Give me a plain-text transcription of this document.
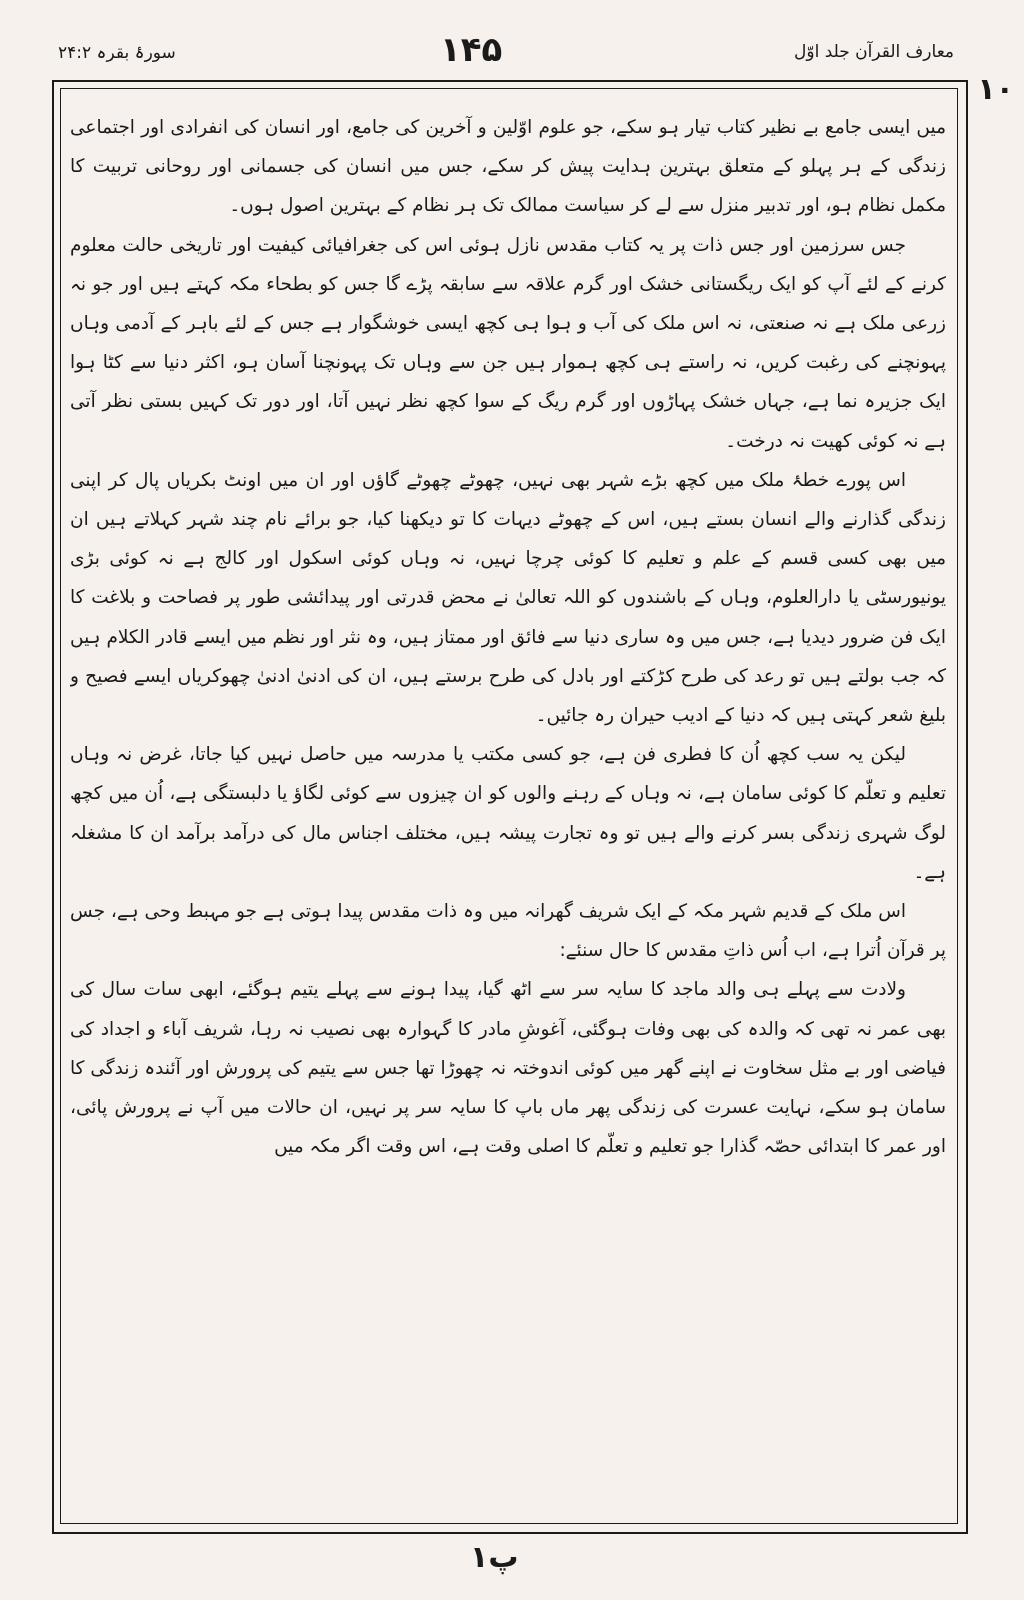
سورۂ بقرہ ۲۴:۲	۱۴۵	معارف القرآن جلد اوّل
۱۰

میں ایسی جامع بے نظیر کتاب تیار ہو سکے، جو علوم اوّلین و آخرین کی جامع، اور انسان کی انفرادی اور اجتماعی زندگی کے ہر پہلو کے متعلق بہترین ہدایت پیش کر سکے، جس میں انسان کی جسمانی اور روحانی تربیت کا مکمل نظام ہو، اور تدبیر منزل سے لے کر سیاست ممالک تک ہر نظام کے بہترین اصول ہوں۔

جس سرزمین اور جس ذات پر یہ کتاب مقدس نازل ہوئی اس کی جغرافیائی کیفیت اور تاریخی حالت معلوم کرنے کے لئے آپ کو ایک ریگستانی خشک اور گرم علاقہ سے سابقہ پڑے گا جس کو بطحاء مکہ کہتے ہیں اور جو نہ زرعی ملک ہے نہ صنعتی، نہ اس ملک کی آب و ہوا ہی کچھ ایسی خوشگوار ہے جس کے لئے باہر کے آدمی وہاں پہونچنے کی رغبت کریں، نہ راستے ہی کچھ ہموار ہیں جن سے وہاں تک پہونچنا آسان ہو، اکثر دنیا سے کٹا ہوا ایک جزیرہ نما ہے، جہاں خشک پہاڑوں اور گرم ریگ کے سوا کچھ نظر نہیں آتا، اور دور تک کہیں بستی نظر آتی ہے نہ کوئی کھیت نہ درخت۔

اس پورے خطۂ ملک میں کچھ بڑے شہر بھی نہیں، چھوٹے چھوٹے گاؤں اور ان میں اونٹ بکریاں پال کر اپنی زندگی گذارنے والے انسان بستے ہیں، اس کے چھوٹے دیہات کا تو دیکھنا کیا، جو برائے نام چند شہر کہلاتے ہیں ان میں بھی کسی قسم کے علم و تعلیم کا کوئی چرچا نہیں، نہ وہاں کوئی اسکول اور کالج ہے نہ کوئی بڑی یونیورسٹی یا دارالعلوم، وہاں کے باشندوں کو اللہ تعالیٰ نے محض قدرتی اور پیدائشی طور پر فصاحت و بلاغت کا ایک فن ضرور دیدیا ہے، جس میں وہ ساری دنیا سے فائق اور ممتاز ہیں، وہ نثر اور نظم میں ایسے قادر الکلام ہیں کہ جب بولتے ہیں تو رعد کی طرح کڑکتے اور بادل کی طرح برستے ہیں، ان کی ادنیٰ ادنیٰ چھوکریاں ایسے فصیح و بلیغ شعر کہتی ہیں کہ دنیا کے ادیب حیران رہ جائیں۔

لیکن یہ سب کچھ اُن کا فطری فن ہے، جو کسی مکتب یا مدرسہ میں حاصل نہیں کیا جاتا، غرض نہ وہاں تعلیم و تعلّم کا کوئی سامان ہے، نہ وہاں کے رہنے والوں کو ان چیزوں سے کوئی لگاؤ یا دلبستگی ہے، اُن میں کچھ لوگ شہری زندگی بسر کرنے والے ہیں تو وہ تجارت پیشہ ہیں، مختلف اجناس مال کی درآمد برآمد ان کا مشغلہ ہے۔

اس ملک کے قدیم شہر مکہ کے ایک شریف گھرانہ میں وہ ذات مقدس پیدا ہوتی ہے جو مہبط وحی ہے، جس پر قرآن اُترا ہے، اب اُس ذاتِ مقدس کا حال سنئے:

ولادت سے پہلے ہی والد ماجد کا سایہ سر سے اٹھ گیا، پیدا ہونے سے پہلے یتیم ہوگئے، ابھی سات سال کی بھی عمر نہ تھی کہ والدہ کی بھی وفات ہوگئی، آغوشِ مادر کا گہوارہ بھی نصیب نہ رہا، شریف آباء و اجداد کی فیاضی اور بے مثل سخاوت نے اپنے گھر میں کوئی اندوختہ نہ چھوڑا تھا جس سے یتیم کی پرورش اور آئندہ زندگی کا سامان ہو سکے، نہایت عسرت کی زندگی پھر ماں باپ کا سایہ سر پر نہیں، ان حالات میں آپ نے پرورش پائی، اور عمر کا ابتدائی حصّہ گذارا جو تعلیم و تعلّم کا اصلی وقت ہے، اس وقت اگر مکہ میں

پ۱
